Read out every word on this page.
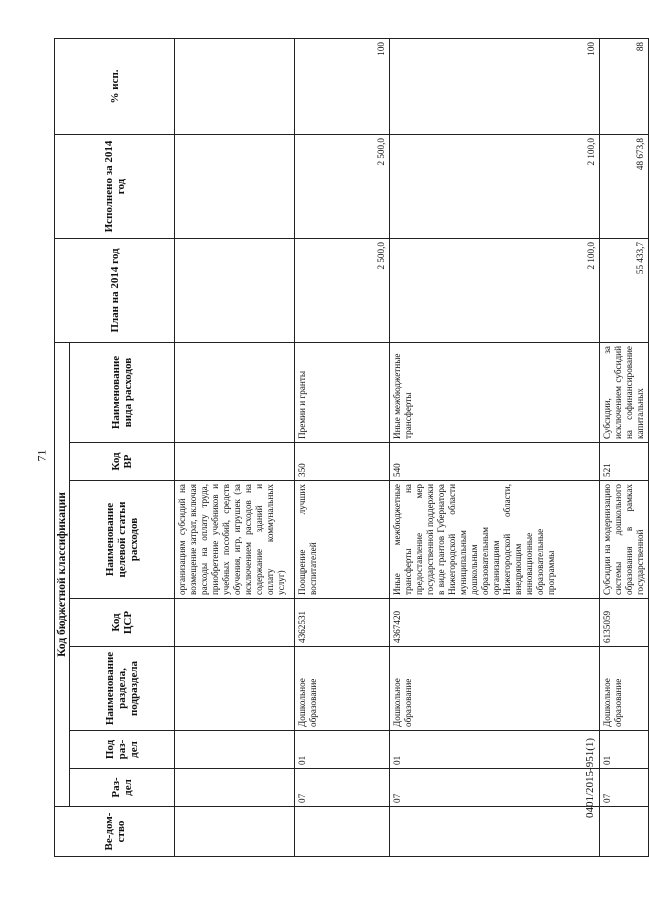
71
0401/2015-951(1)
Ве-дом-ство	Код бюджетной классификации							План на 2014 год	Исполнено за 2014 год	% исп.
	Раз-дел	Под раз-дел	Наименование раздела, подраздела	Код ЦСР	Наименование целевой статьи расходов	Код ВР	Наименование вида расходов			
					организациям субсидий на возмещение затрат, включая расходы на оплату труда, приобретение учебников и учебных пособий, средств обучения, игр, игрушек (за исключением расходов на содержание зданий и оплату коммунальных услуг)					
	07	01	Дошкольное образование	4362531	Поощрение лучших воспитателей	350	Премии и гранты	2 500,0	2 500,0	100
	07	01	Дошкольное образование	4367420	Иные межбюджетные трансферты на предоставление мер государственной поддержки в виде грантов Губернатора Нижегородской области муниципальным дошкольным образовательным организациям Нижегородской области, внедряющим инновационные образовательные программы	540	Иные межбюджетные трансферты	2 100,0	2 100,0	100
	07	01	Дошкольное образование	6135059	Субсидии на модернизацию системы дошкольного образования в рамках государственной	521	Субсидии, за исключением субсидий на софинансирование капитальных	55 433,7	48 673,8	88
